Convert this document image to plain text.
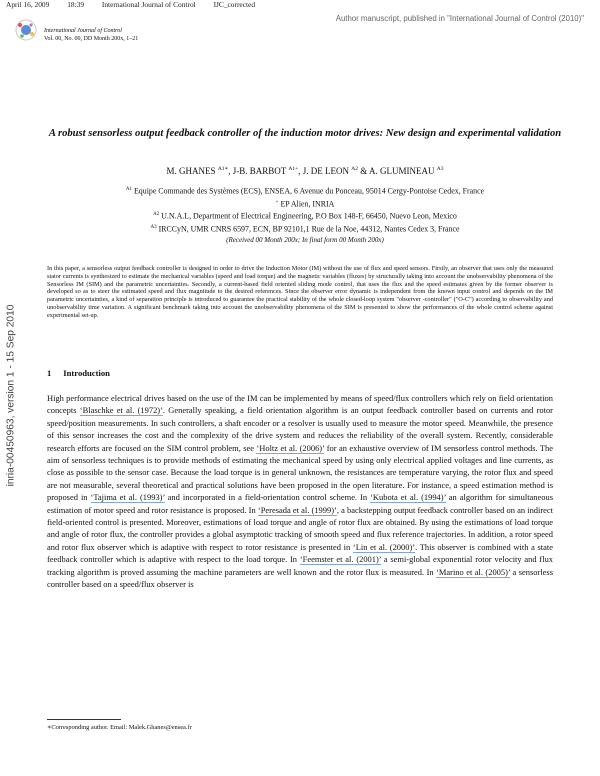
April 16, 2009 18:39 International Journal of Control IJC_corrected
Author manuscript, published in "International Journal of Control (2010)"
International Journal of Control
Vol. 00, No. 00, DD Month 200x, 1–21
inria-00450963, version 1 - 15 Sep 2010
A robust sensorless output feedback controller of the induction motor drives: New design and experimental validation
M. GHANES $^{A1∗}$, J-B. BARBOT $^{A1+}$, J. DE LEON $^{A2}$ & A. GLUMINEAU $^{A3}$
$^{A1}$ Equipe Commande des Systèmes (ECS), ENSEA, 6 Avenue du Ponceau, 95014 Cergy-Pontoise Cedex, France
+ EP Alien, INRIA
$^{A2}$ U.N.A.L, Department of Electrical Engineering, P.O Box 148-F, 66450, Nuevo Leon, Mexico
$^{A3}$ IRCCyN, UMR CNRS 6597, ECN, BP 92101,1 Rue de la Noe, 44312, Nantes Cedex 3, France
(Received 00 Month 200x; In final form 00 Month 200x)
In this paper, a sensorless output feedback controller is designed in order to drive the Induction Motor (IM) without the use of flux and speed sensors. Firstly, an observer that uses only the measured stator currents is synthesized to estimate the mechanical variables (speed and load torque) and the magnetic variables (fluxes) by structurally taking into account the unobservability phenomena of the Sensorless IM (SIM) and the parametric uncertainties. Secondly, a current-based field oriented sliding mode control, that uses the flux and the speed estimates given by the former observer is developed so as to steer the estimated speed and flux magnitude to the desired references. Since the observer error dynamic is independent from the known input control and depends on the IM parametric uncertainties, a kind of separation principle is introduced to guarantee the practical stability of the whole closed-loop system "observer -controller" ("O-C") according to observability and unobservability time variation. A significant benchmark taking into account the unobservability phenomena of the SIM is presented to show the performances of the whole control scheme against experimental set-up.
1 Introduction
High performance electrical drives based on the use of the IM can be implemented by means of speed/flux controllers which rely on field orientation concepts ‘Blaschke et al. (1972)’. Generally speaking, a field orientation algorithm is an output feedback controller based on currents and rotor speed/position measurements. In such controllers, a shaft encoder or a resolver is usually used to measure the motor speed. Meanwhile, the presence of this sensor increases the cost and the complexity of the drive system and reduces the reliability of the overall system. Recently, considerable research efforts are focused on the SIM control problem, see ‘Holtz et al. (2006)’ for an exhaustive overview of IM sensorless control methods. The aim of sensorless techniques is to provide methods of estimating the mechanical speed by using only electrical applied voltages and line currents, as close as possible to the sensor case. Because the load torque is in general unknown, the resistances are temperature varying, the rotor flux and speed are not measurable, several theoretical and practical solutions have been proposed in the open literature. For instance, a speed estimation method is proposed in ‘Tajima et al. (1993)’ and incorporated in a field-orientation control scheme. In ‘Kubota et al. (1994)’ an algorithm for simultaneous estimation of motor speed and rotor resistance is proposed. In ‘Peresada et al. (1999)’, a backstepping output feedback controller based on an indirect field-oriented control is presented. Moreover, estimations of load torque and angle of rotor flux are obtained. By using the estimations of load torque and angle of rotor flux, the controller provides a global asymptotic tracking of smooth speed and flux reference trajectories. In addition, a rotor speed and rotor flux observer which is adaptive with respect to rotor resistance is presented in ‘Lin et al. (2000)’. This observer is combined with a state feedback controller which is adaptive with respect to the load torque. In ‘Feemster et al. (2001)’ a semi-global exponential rotor velocity and flux tracking algorithm is proved assuming the machine parameters are well known and the rotor flux is measured. In ‘Marino et al. (2005)’ a sensorless controller based on a speed/flux observer is
∗Corresponding author. Email: Malek.Ghanes@ensea.fr
